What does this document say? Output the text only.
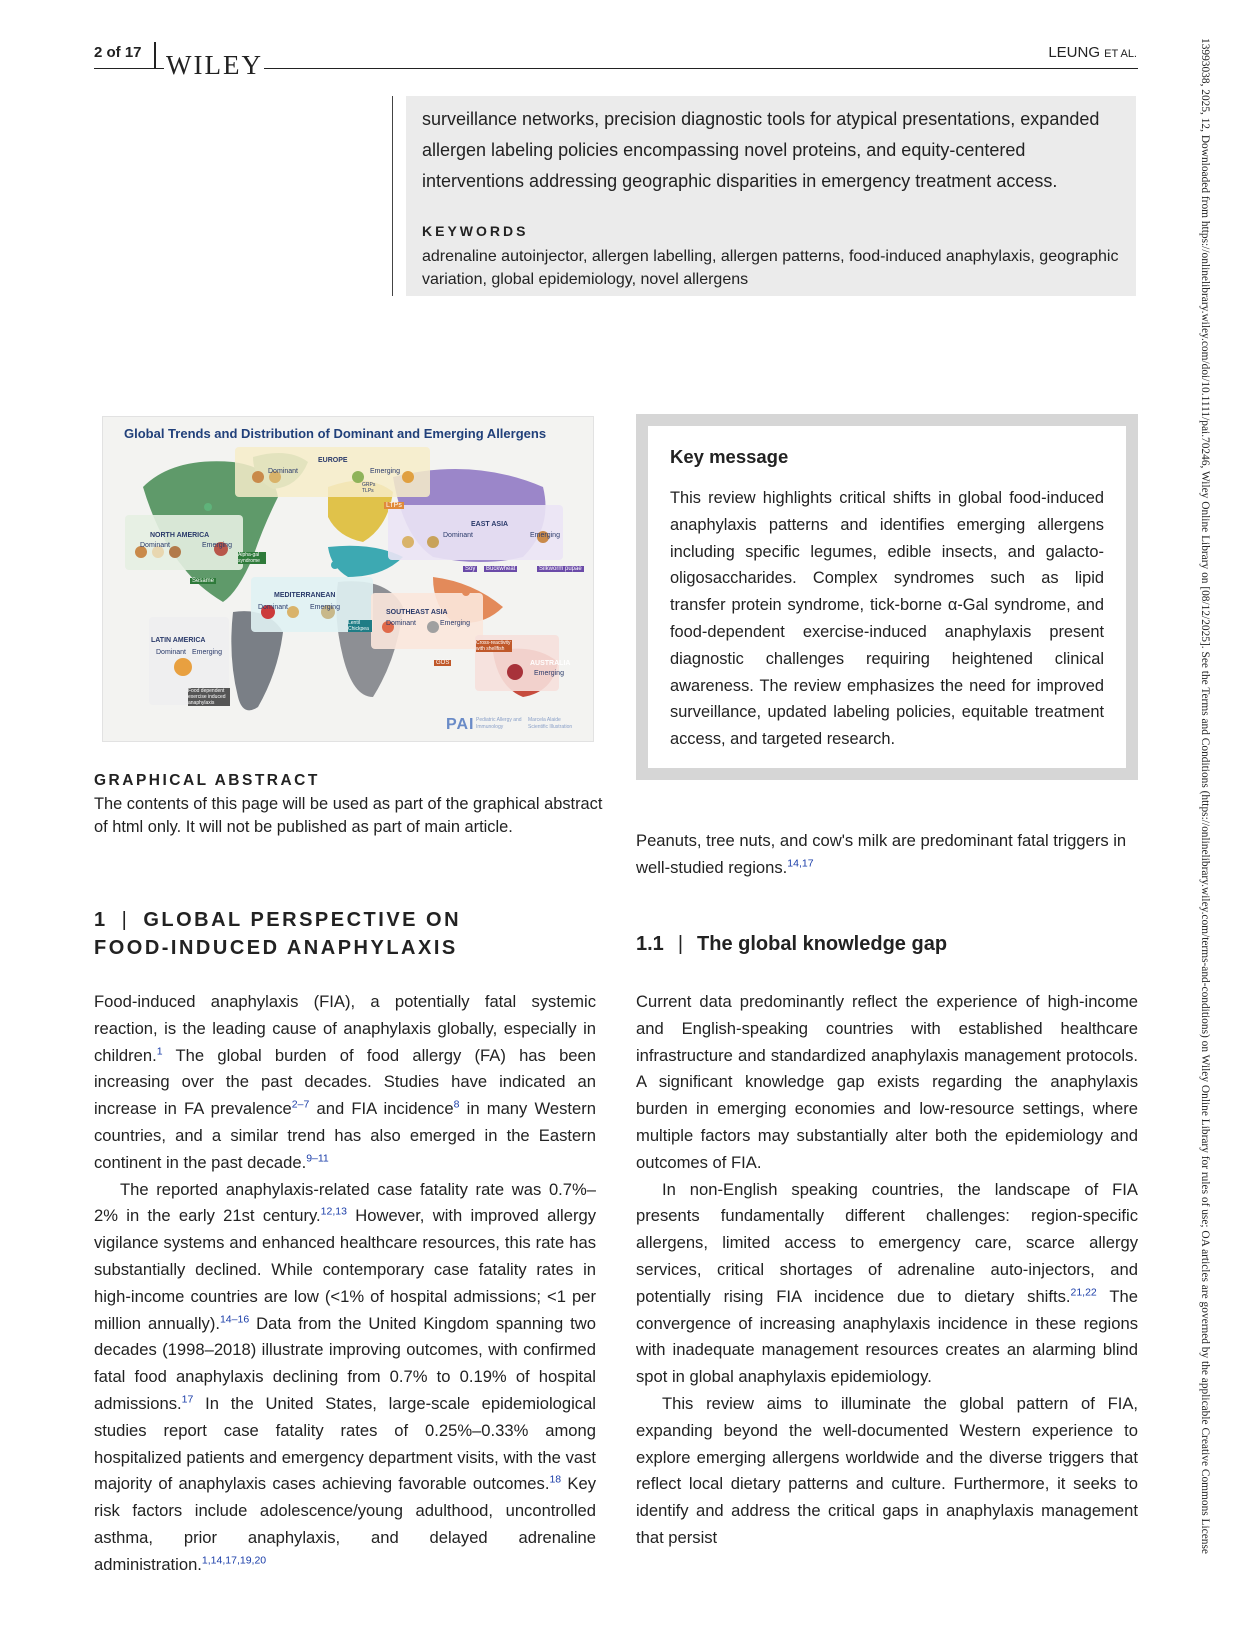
2 of 17 WILEY	LEUNG ET AL.	13993038, 2025, 12, Downloaded from https://onlinelibrary.wiley.com/doi/10.1111/pai.70246, Wiley Online Library on [08/12/2025]. See the Terms and Conditions (https://onlinelibrary.wiley.com/terms-and-conditions) on Wiley Online Library for rules of use; OA articles are governed by the applicable Creative Commons License
surveillance networks, precision diagnostic tools for atypical presentations, expanded allergen labeling policies encompassing novel proteins, and equity-centered interventions addressing geographic disparities in emergency treatment access.
KEYWORDS
adrenaline autoinjector, allergen labelling, allergen patterns, food-induced anaphylaxis, geographic variation, global epidemiology, novel allergens
Global Trends and Distribution of Dominant and Emerging Allergens
EUROPE
Dominant	Emerging
GRPs TLPs
LTPs
NORTH AMERICA
Dominant	Emerging
Alpha-gal syndrome
Sesame
EAST ASIA
Dominant	Emerging
Soy	Buckwheat	Silkworm pupae
MEDITERRANEAN
Dominant	Emerging
Lentil Chickpea
SOUTHEAST ASIA
Dominant	Emerging
Cross-reactivity with shellfish
GOS
LATIN AMERICA
Dominant Emerging
Food dependent exercise induced anaphylaxis
AUSTRALIA
Emerging
PAI Pediatric Allergy and Immunology
Marcela Alaide Scientific Illustration
GRAPHICAL ABSTRACT
The contents of this page will be used as part of the graphical abstract of html only. It will not be published as part of main article.
Key message
This review highlights critical shifts in global food-induced anaphylaxis patterns and identifies emerging allergens including specific legumes, edible insects, and galacto-oligosaccharides. Complex syndromes such as lipid transfer protein syndrome, tick-borne α-Gal syndrome, and food-dependent exercise-induced anaphylaxis present diagnostic challenges requiring heightened clinical awareness. The review emphasizes the need for improved surveillance, updated labeling policies, equitable treatment access, and targeted research.
1 | GLOBAL PERSPECTIVE ON
FOOD-INDUCED ANAPHYLAXIS

Food-induced anaphylaxis (FIA), a potentially fatal systemic reaction, is the leading cause of anaphylaxis globally, especially in children.$^1$ The global burden of food allergy (FA) has been increasing over the past decades. Studies have indicated an increase in FA prevalence$^{2-7}$ and FIA incidence$^8$ in many Western countries, and a similar trend has also emerged in the Eastern continent in the past decade.$^{9-11}$

The reported anaphylaxis-related case fatality rate was 0.7%–2% in the early 21st century.$^{12,13}$ However, with improved allergy vigilance systems and enhanced healthcare resources, this rate has substantially declined. While contemporary case fatality rates in high-income countries are low (<1% of hospital admissions; <1 per million annually).$^{14-16}$ Data from the United Kingdom spanning two decades (1998–2018) illustrate improving outcomes, with confirmed fatal food anaphylaxis declining from 0.7% to 0.19% of hospital admissions.$^{17}$ In the United States, large-scale epidemiological studies report case fatality rates of 0.25%–0.33% among hospitalized patients and emergency department visits, with the vast majority of anaphylaxis cases achieving favorable outcomes.$^{18}$ Key risk factors include adolescence/young adulthood, uncontrolled asthma, prior anaphylaxis, and delayed adrenaline administration.$^{1,14,17,19,20}$

Peanuts, tree nuts, and cow's milk are predominant fatal triggers in well-studied regions.$^{14,17}$

1.1 | The global knowledge gap

Current data predominantly reflect the experience of high-income and English-speaking countries with established healthcare infrastructure and standardized anaphylaxis management protocols. A significant knowledge gap exists regarding the anaphylaxis burden in emerging economies and low-resource settings, where multiple factors may substantially alter both the epidemiology and outcomes of FIA.

In non-English speaking countries, the landscape of FIA presents fundamentally different challenges: region-specific allergens, limited access to emergency care, scarce allergy services, critical shortages of adrenaline auto-injectors, and potentially rising FIA incidence due to dietary shifts.$^{21,22}$ The convergence of increasing anaphylaxis incidence in these regions with inadequate management resources creates an alarming blind spot in global anaphylaxis epidemiology.

This review aims to illuminate the global pattern of FIA, expanding beyond the well-documented Western experience to explore emerging allergens worldwide and the diverse triggers that reflect local dietary patterns and culture. Furthermore, it seeks to identify and address the critical gaps in anaphylaxis management that persist
